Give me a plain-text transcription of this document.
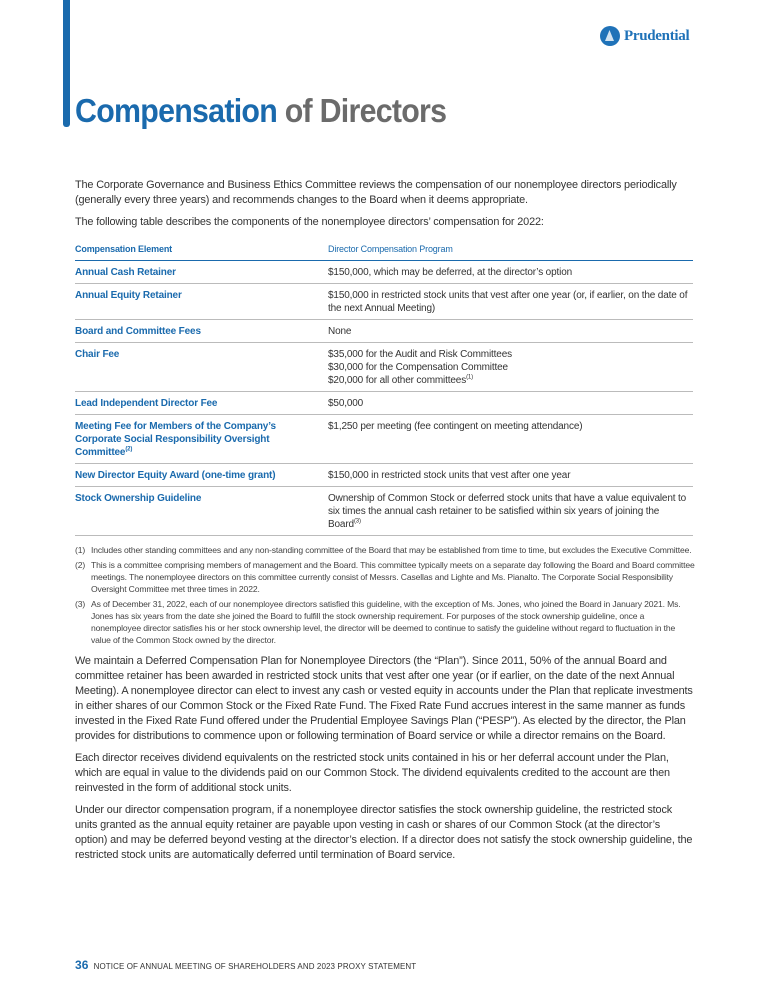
Prudential
Compensation of Directors

The Corporate Governance and Business Ethics Committee reviews the compensation of our nonemployee directors periodically (generally every three years) and recommends changes to the Board when it deems appropriate.

The following table describes the components of the nonemployee directors’ compensation for 2022:

Compensation Element	Director Compensation Program
Annual Cash Retainer	$150,000, which may be deferred, at the director’s option

Annual Equity Retainer	$150,000 in restricted stock units that vest after one year (or, if earlier, on the date of the next Annual Meeting)

Board and Committee Fees	None

Chair Fee	$35,000 for the Audit and Risk Committees
$30,000 for the Compensation Committee
$20,000 for all other committees$^{(1)}$

Lead Independent Director Fee	$50,000

Meeting Fee for Members of the Company’s Corporate Social Responsibility Oversight Committee$^{(2)}$	$1,250 per meeting (fee contingent on meeting attendance)

New Director Equity Award (one-time grant)	$150,000 in restricted stock units that vest after one year

Stock Ownership Guideline	Ownership of Common Stock or deferred stock units that have a value equivalent to six times the annual cash retainer to be satisfied within six years of joining the Board$^{(3)}$
(1) Includes other standing committees and any non-standing committee of the Board that may be established from time to time, but excludes the Executive Committee.
(2) This is a committee comprising members of management and the Board. This committee typically meets on a separate day following the Board and Board committee meetings. The nonemployee directors on this committee currently consist of Messrs. Casellas and Lighte and Ms. Pianalto. The Corporate Social Responsibility Oversight Committee met three times in 2022.
(3) As of December 31, 2022, each of our nonemployee directors satisfied this guideline, with the exception of Ms. Jones, who joined the Board in January 2021. Ms. Jones has six years from the date she joined the Board to fulfill the stock ownership requirement. For purposes of the stock ownership guideline, once a nonemployee director satisfies his or her stock ownership level, the director will be deemed to continue to satisfy the guideline without regard to fluctuation in the value of the Common Stock owned by the director.

We maintain a Deferred Compensation Plan for Nonemployee Directors (the “Plan”). Since 2011, 50% of the annual Board and committee retainer has been awarded in restricted stock units that vest after one year (or if earlier, on the date of the next Annual Meeting). A nonemployee director can elect to invest any cash or vested equity in accounts under the Plan that replicate investments in either shares of our Common Stock or the Fixed Rate Fund. The Fixed Rate Fund accrues interest in the same manner as funds invested in the Fixed Rate Fund offered under the Prudential Employee Savings Plan (“PESP”). As elected by the director, the Plan provides for distributions to commence upon or following termination of Board service or while a director remains on the Board.

Each director receives dividend equivalents on the restricted stock units contained in his or her deferral account under the Plan, which are equal in value to the dividends paid on our Common Stock. The dividend equivalents credited to the account are then reinvested in the form of additional stock units.

Under our director compensation program, if a nonemployee director satisfies the stock ownership guideline, the restricted stock units granted as the annual equity retainer are payable upon vesting in cash or shares of our Common Stock (at the director’s option) and may be deferred beyond vesting at the director’s election. If a director does not satisfy the stock ownership guideline, the restricted stock units are automatically deferred until termination of Board service.

36 NOTICE OF ANNUAL MEETING OF SHAREHOLDERS AND 2023 PROXY STATEMENT
